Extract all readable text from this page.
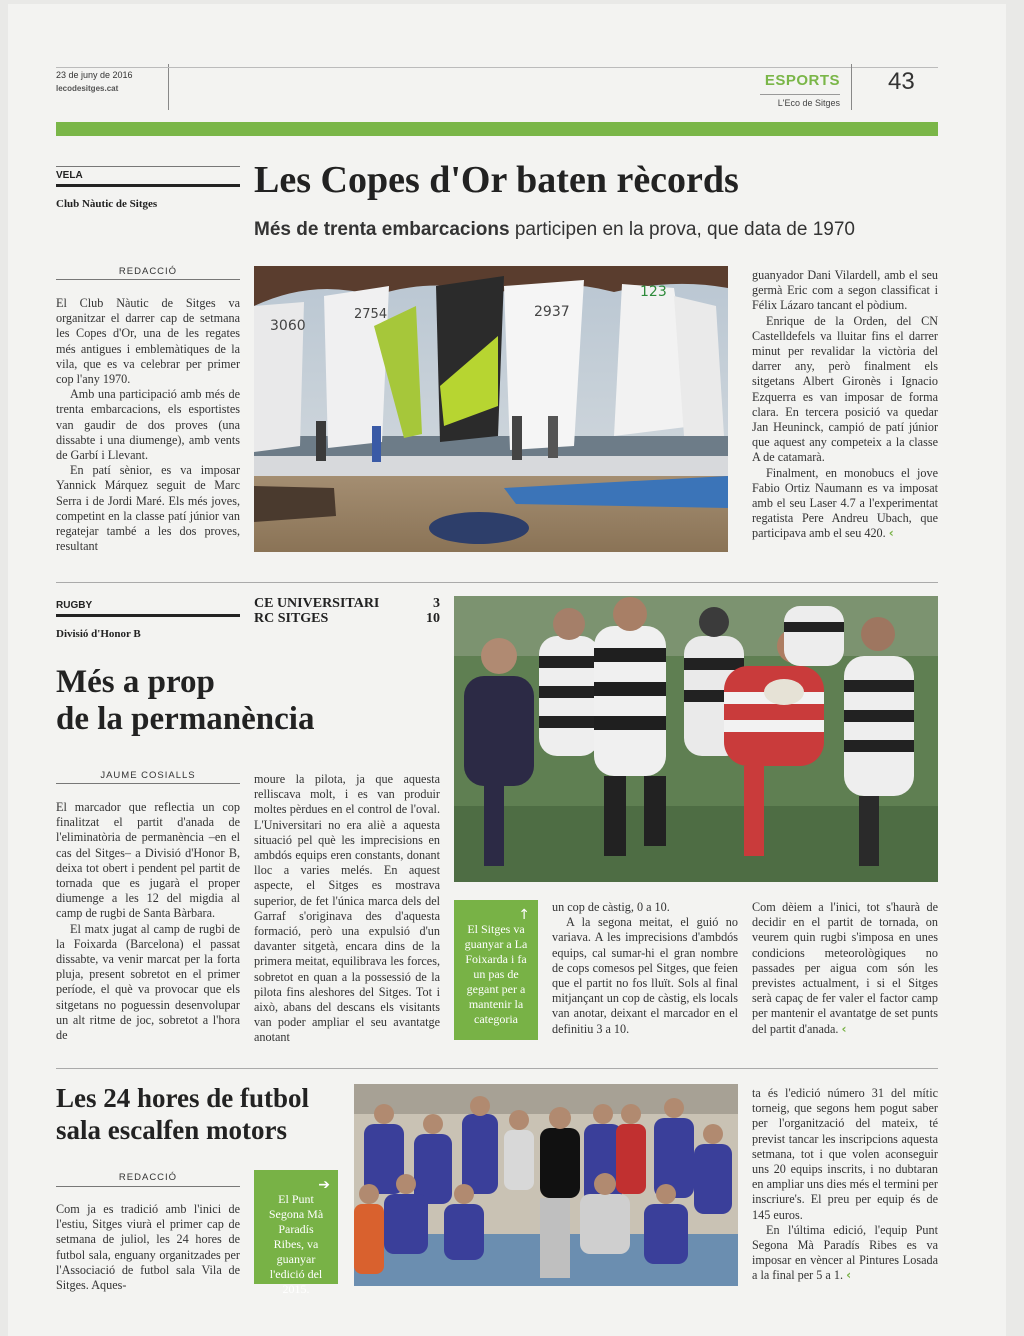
23 de juny de 2016
lecodesitges.cat	ESPORTS
L'Eco de Sitges
43
VELA
Club Nàutic de Sitges
Les Copes d'Or baten rècords
Més de trenta embarcacions participen en la prova, que data de 1970
REDACCIÓ

El Club Nàutic de Sitges va organitzar el darrer cap de setmana les Copes d'Or, una de les regates més antigues i emblemàtiques de la vila, que es va celebrar per primer cop l'any 1970.

Amb una participació amb més de trenta embarcacions, els esportistes van gaudir de dos proves (una dissabte i una diumenge), amb vents de Garbí i Llevant.

En patí sènior, es va imposar Yannick Márquez seguit de Marc Serra i de Jordi Maré. Els més joves, competint en la classe patí júnior van regatejar també a les dos proves, resultant

3060
2754	2937
123

guanyador Dani Vilardell, amb el seu germà Eric com a segon classificat i Félix Lázaro tancant el pòdium.

Enrique de la Orden, del CN Castelldefels va lluitar fins el darrer minut per revalidar la victòria del darrer any, però finalment els sitgetans Albert Gironès i Ignacio Ezquerra es van imposar de forma clara. En tercera posició va quedar Jan Heuninck, campió de patí júnior que aquest any competeix a la classe A de catamarà.

Finalment, en monobucs el jove Fabio Ortiz Naumann es va imposat amb el seu Laser 4.7 a l'experimentat regatista Pere Andreu Ubach, que participava amb el seu 420. ‹

RUGBY
Divisió d'Honor B
CE UNIVERSITARI	3
RC SITGES	10
Més a prop
de la permanència
JAUME COSIALLS

El marcador que reflectia un cop finalitzat el partit d'anada de l'eliminatòria de permanència –en el cas del Sitges– a Divisió d'Honor B, deixa tot obert i pendent pel partit de tornada que es jugarà el proper diumenge a les 12 del migdia al camp de rugbi de Santa Bàrbara.

El matx jugat al camp de rugbi de la Foixarda (Barcelona) el passat dissabte, va venir marcat per la forta pluja, present sobretot en el primer període, el què va provocar que els sitgetans no poguessin desenvolupar un alt ritme de joc, sobretot a l'hora de

moure la pilota, ja que aquesta relliscava molt, i es van produir moltes pèrdues en el control de l'oval. L'Universitari no era aliè a aquesta situació pel què les imprecisions en ambdós equips eren constants, donant lloc a varies melés. En aquest aspecte, el Sitges es mostrava superior, de fet l'única marca dels del Garraf s'originava des d'aquesta formació, però una expulsió d'un davanter sitgetà, encara dins de la primera meitat, equilibrava les forces, sobretot en quan a la possessió de la pilota fins aleshores del Sitges. Tot i això, abans del descans els visitants van poder ampliar el seu avantatge anotant

↑
El Sitges va guanyar a La Foixarda i fa un pas de gegant per a mantenir la categoria

un cop de càstig, 0 a 10.

A la segona meitat, el guió no variava. A les imprecisions d'ambdós equips, cal sumar-hi el gran nombre de cops comesos pel Sitges, que feien que el partit no fos lluït. Sols al final mitjançant un cop de càstig, els locals van anotar, deixant el marcador en el definitiu 3 a 10.

Com dèiem a l'inici, tot s'haurà de decidir en el partit de tornada, on veurem quin rugbi s'imposa en unes condicions meteorològiques no passades per aigua com són les previstes actualment, i si el Sitges serà capaç de fer valer el factor camp per mantenir el avantatge de set punts del partit d'anada. ‹

Les 24 hores de futbol
sala escalfen motors
REDACCIÓ

Com ja es tradició amb l'inici de l'estiu, Sitges viurà el primer cap de setmana de juliol, les 24 hores de futbol sala, enguany organitzades per l'Associació de futbol sala Vila de Sitges. Aques-

➔
El Punt Segona Mà Paradís Ribes, va guanyar l'edició del 2015.

ta és l'edició número 31 del mític torneig, que segons hem pogut saber per l'organització del mateix, té previst tancar les inscripcions aquesta setmana, tot i que volen aconseguir uns 20 equips inscrits, i no dubtaran en ampliar uns dies més el termini per inscriure's. El preu per equip és de 145 euros.

En l'última edició, l'equip Punt Segona Mà Paradís Ribes es va imposar en vèncer al Pintures Losada a la final per 5 a 1. ‹
